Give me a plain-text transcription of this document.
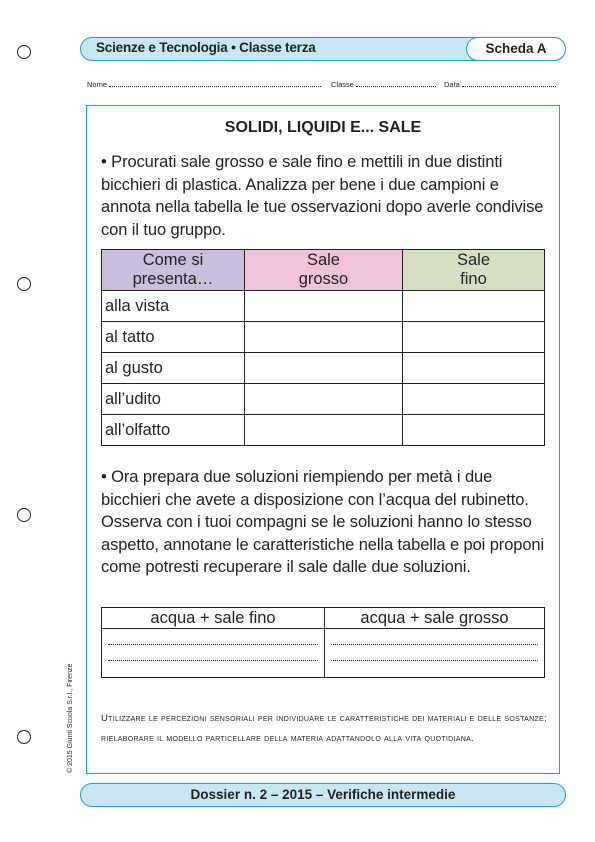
Scienze e Tecnologia • Classe terza	Scheda A
Nome	Classe	Data
SOLIDI, LIQUIDI E... SALE
• Procurati sale grosso e sale fino e mettili in due distinti bicchieri di plastica. Analizza per bene i due campioni e annota nella tabella le tue osservazioni dopo averle condivise con il tuo gruppo.
Come si presenta…	Sale grosso	Sale fino
alla vista		
al tatto		
al gusto		
all’udito		
all’olfatto		
• Ora prepara due soluzioni riempiendo per metà i due bicchieri che avete a disposizione con l’acqua del rubinetto. Osserva con i tuoi compagni se le soluzioni hanno lo stesso aspetto, annotane le caratteristiche nella tabella e poi proponi come potresti recuperare il sale dalle due soluzioni.
acqua + sale fino	acqua + sale grosso

Utilizzare le percezioni sensoriali per individuare le caratteristiche dei materiali e delle sostanze; rielaborare il modello particellare della materia adattandolo alla vita quotidiana.
© 2015 Giunti Scuola S.r.l., Firenze
Dossier n. 2 – 2015 – Verifiche intermedie
